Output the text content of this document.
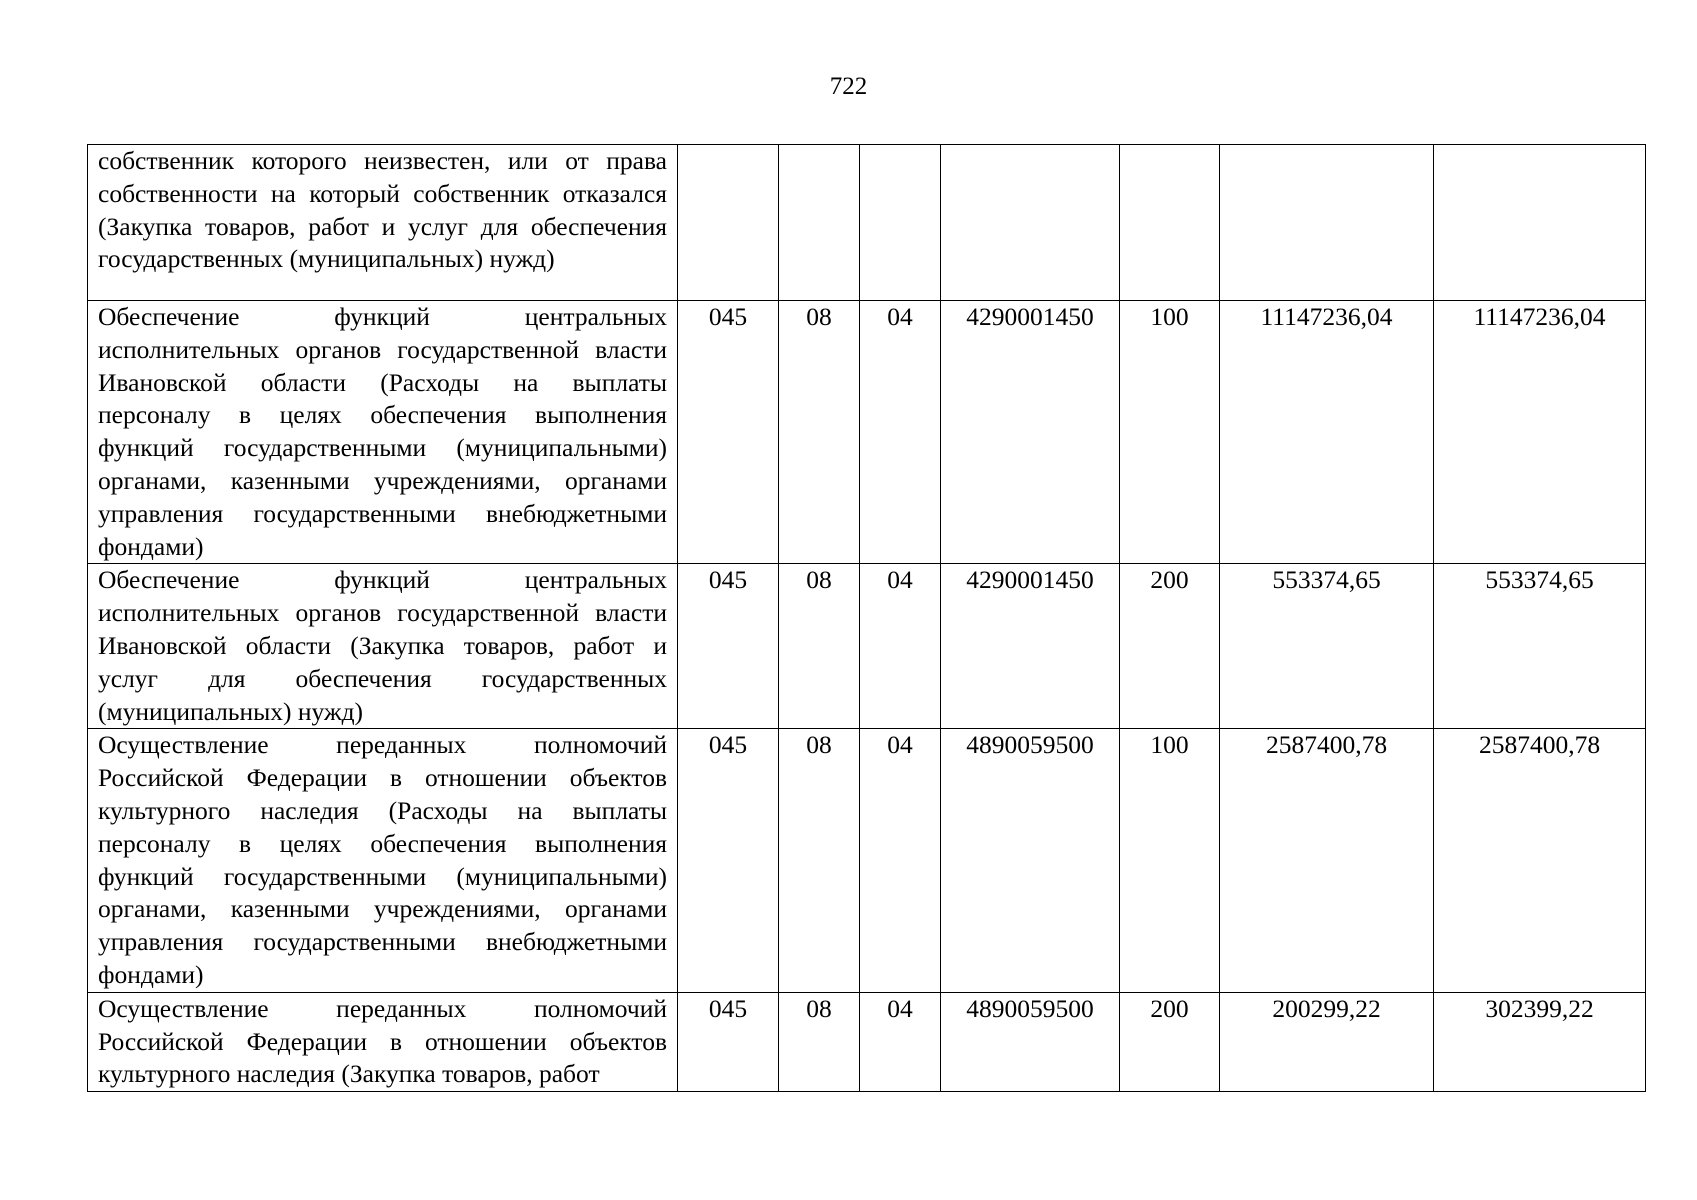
722
собственник которого неизвестен, или от права собственности на который собственник отказался (Закупка товаров, работ и услуг для обеспечения государственных (муниципальных) нужд)							
Обеспечение функций центральных исполнительных органов государственной власти Ивановской области (Расходы на выплаты персоналу в целях обеспечения выполнения функций государственными (муниципальными) органами, казенными учреждениями, органами управления государственными внебюджетными фондами)	045	08	04	4290001450	100	11147236,04	11147236,04
Обеспечение функций центральных исполнительных органов государственной власти Ивановской области (Закупка товаров, работ и услуг для обеспечения государственных (муниципальных) нужд)	045	08	04	4290001450	200	553374,65	553374,65
Осуществление переданных полномочий Российской Федерации в отношении объектов культурного наследия (Расходы на выплаты персоналу в целях обеспечения выполнения функций государственными (муниципальными) органами, казенными учреждениями, органами управления государственными внебюджетными фондами)	045	08	04	4890059500	100	2587400,78	2587400,78
Осуществление переданных полномочий Российской Федерации в отношении объектов культурного наследия (Закупка товаров, работ	045	08	04	4890059500	200	200299,22	302399,22
